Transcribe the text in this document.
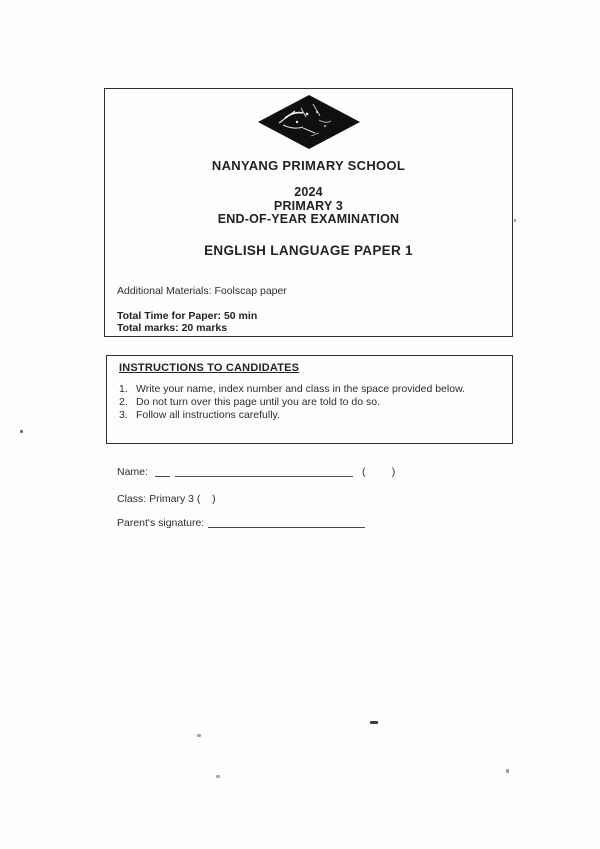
NANYANG PRIMARY SCHOOL
2024
PRIMARY 3
END-OF-YEAR EXAMINATION
ENGLISH LANGUAGE PAPER 1
Additional Materials: Foolscap paper
Total Time for Paper: 50 min
Total marks: 20 marks
INSTRUCTIONS TO CANDIDATES
1. Write your name, index number and class in the space provided below.
2. Do not turn over this page until you are told to do so.
3. Follow all instructions carefully.
Name:	(         )
Class: Primary 3 (    )
Parent's signature:
